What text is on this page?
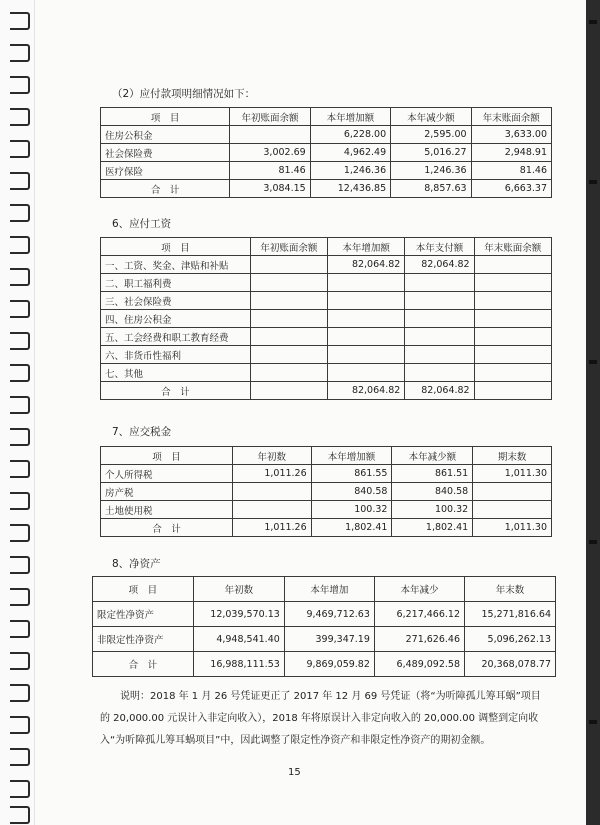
（2）应付款项明细情况如下：
项　目	年初账面余额	本年增加额	本年减少额	年末账面余额
住房公积金		6,228.00	2,595.00	3,633.00
社会保险费	3,002.69	4,962.49	5,016.27	2,948.91
医疗保险	81.46	1,246.36	1,246.36	81.46
合　计	3,084.15	12,436.85	8,857.63	6,663.37
6、应付工资
项　目	年初账面余额	本年增加额	本年支付额	年末账面余额
一、工资、奖金、津贴和补贴		82,064.82	82,064.82	
二、职工福利费				
三、社会保险费				
四、住房公积金				
五、工会经费和职工教育经费				
六、非货币性福利				
七、其他				
合　计		82,064.82	82,064.82	
7、应交税金
项　目	年初数	本年增加额	本年减少额	期末数
个人所得税	1,011.26	861.55	861.51	1,011.30
房产税		840.58	840.58	
土地使用税		100.32	100.32	
合　计	1,011.26	1,802.41	1,802.41	1,011.30
8、净资产
项　目	年初数	本年增加	本年减少	年末数
限定性净资产	12,039,570.13	9,469,712.63	6,217,466.12	15,271,816.64
非限定性净资产	4,948,541.40	399,347.19	271,626.46	5,096,262.13
合　计	16,988,111.53	9,869,059.82	6,489,092.58	20,368,078.77
说明：2018 年 1 月 26 号凭证更正了 2017 年 12 月 69 号凭证（将“为听障孤儿筹耳蜗”项目的 20,000.00 元误计入非定向收入），2018 年将原误计入非定向收入的 20,000.00 调整到定向收入“为听障孤儿筹耳蜗项目”中，因此调整了限定性净资产和非限定性净资产的期初金额。
15
